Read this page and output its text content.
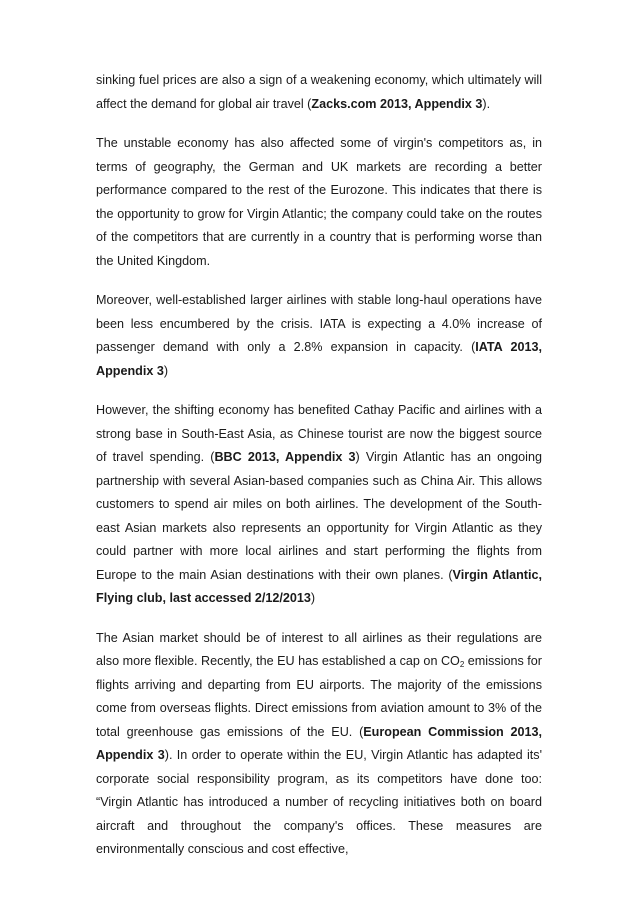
sinking fuel prices are also a sign of a weakening economy, which ultimately will affect the demand for global air travel (Zacks.com 2013, Appendix 3).

The unstable economy has also affected some of virgin's competitors as, in terms of geography, the German and UK markets are recording a better performance compared to the rest of the Eurozone. This indicates that there is the opportunity to grow for Virgin Atlantic; the company could take on the routes of the competitors that are currently in a country that is performing worse than the United Kingdom.

Moreover, well-established larger airlines with stable long-haul operations have been less encumbered by the crisis. IATA is expecting a 4.0% increase of passenger demand with only a 2.8% expansion in capacity. (IATA 2013, Appendix 3)

However, the shifting economy has benefited Cathay Pacific and airlines with a strong base in South-East Asia, as Chinese tourist are now the biggest source of travel spending. (BBC 2013, Appendix 3) Virgin Atlantic has an ongoing partnership with several Asian-based companies such as China Air. This allows customers to spend air miles on both airlines. The development of the South-east Asian markets also represents an opportunity for Virgin Atlantic as they could partner with more local airlines and start performing the flights from Europe to the main Asian destinations with their own planes. (Virgin Atlantic, Flying club, last accessed 2/12/2013)

The Asian market should be of interest to all airlines as their regulations are also more flexible. Recently, the EU has established a cap on $CO_2$ emissions for flights arriving and departing from EU airports. The majority of the emissions come from overseas flights. Direct emissions from aviation amount to 3% of the total greenhouse gas emissions of the EU. (European Commission 2013, Appendix 3). In order to operate within the EU, Virgin Atlantic has adapted its' corporate social responsibility program, as its competitors have done too: “Virgin Atlantic has introduced a number of recycling initiatives both on board aircraft and throughout the company's offices. These measures are environmentally conscious and cost effective,
